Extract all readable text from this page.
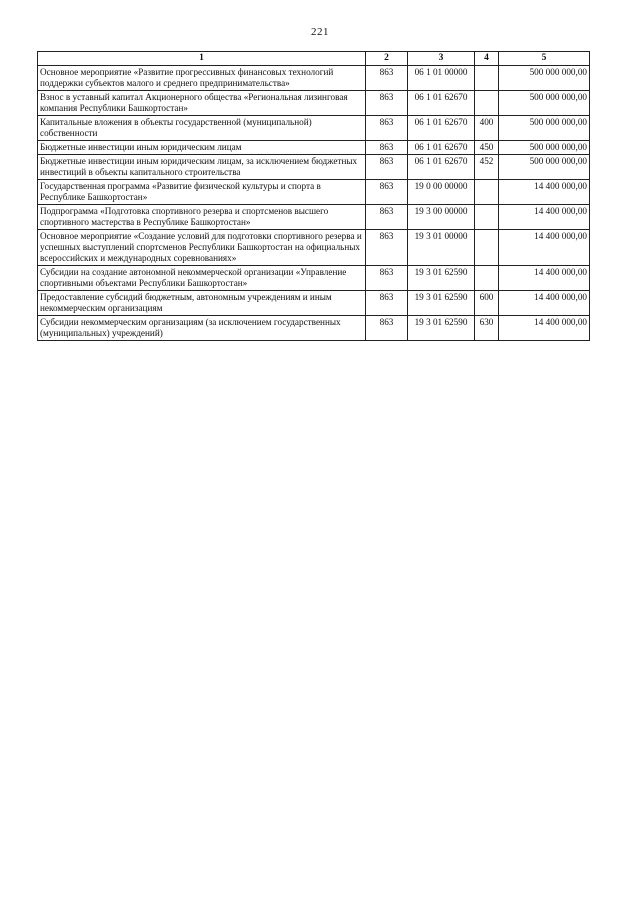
221
1	2	3	4	5
Основное мероприятие «Развитие прогрессивных финансовых технологий поддержки субъектов малого и среднего предпринимательства»	863	06 1 01 00000		500 000 000,00
Взнос в уставный капитал Акционерного общества «Региональная лизинговая компания Республики Башкортостан»	863	06 1 01 62670		500 000 000,00
Капитальные вложения в объекты государственной (муниципальной) собственности	863	06 1 01 62670	400	500 000 000,00
Бюджетные инвестиции иным юридическим лицам	863	06 1 01 62670	450	500 000 000,00
Бюджетные инвестиции иным юридическим лицам, за исключением бюджетных инвестиций в объекты капитального строительства	863	06 1 01 62670	452	500 000 000,00
Государственная программа «Развитие физической культуры и спорта в Республике Башкортостан»	863	19 0 00 00000		14 400 000,00
Подпрограмма «Подготовка спортивного резерва и спортсменов высшего спортивного мастерства в Республике Башкортостан»	863	19 3 00 00000		14 400 000,00
Основное мероприятие «Создание условий для подготовки спортивного резерва и успешных выступлений спортсменов Республики Башкортостан на официальных всероссийских и международных соревнованиях»	863	19 3 01 00000		14 400 000,00
Субсидии на создание автономной некоммерческой организации «Управление спортивными объектами Республики Башкортостан»	863	19 3 01 62590		14 400 000,00
Предоставление субсидий бюджетным, автономным учреждениям и иным некоммерческим организациям	863	19 3 01 62590	600	14 400 000,00
Субсидии некоммерческим организациям (за исключением государственных (муниципальных) учреждений)	863	19 3 01 62590	630	14 400 000,00
